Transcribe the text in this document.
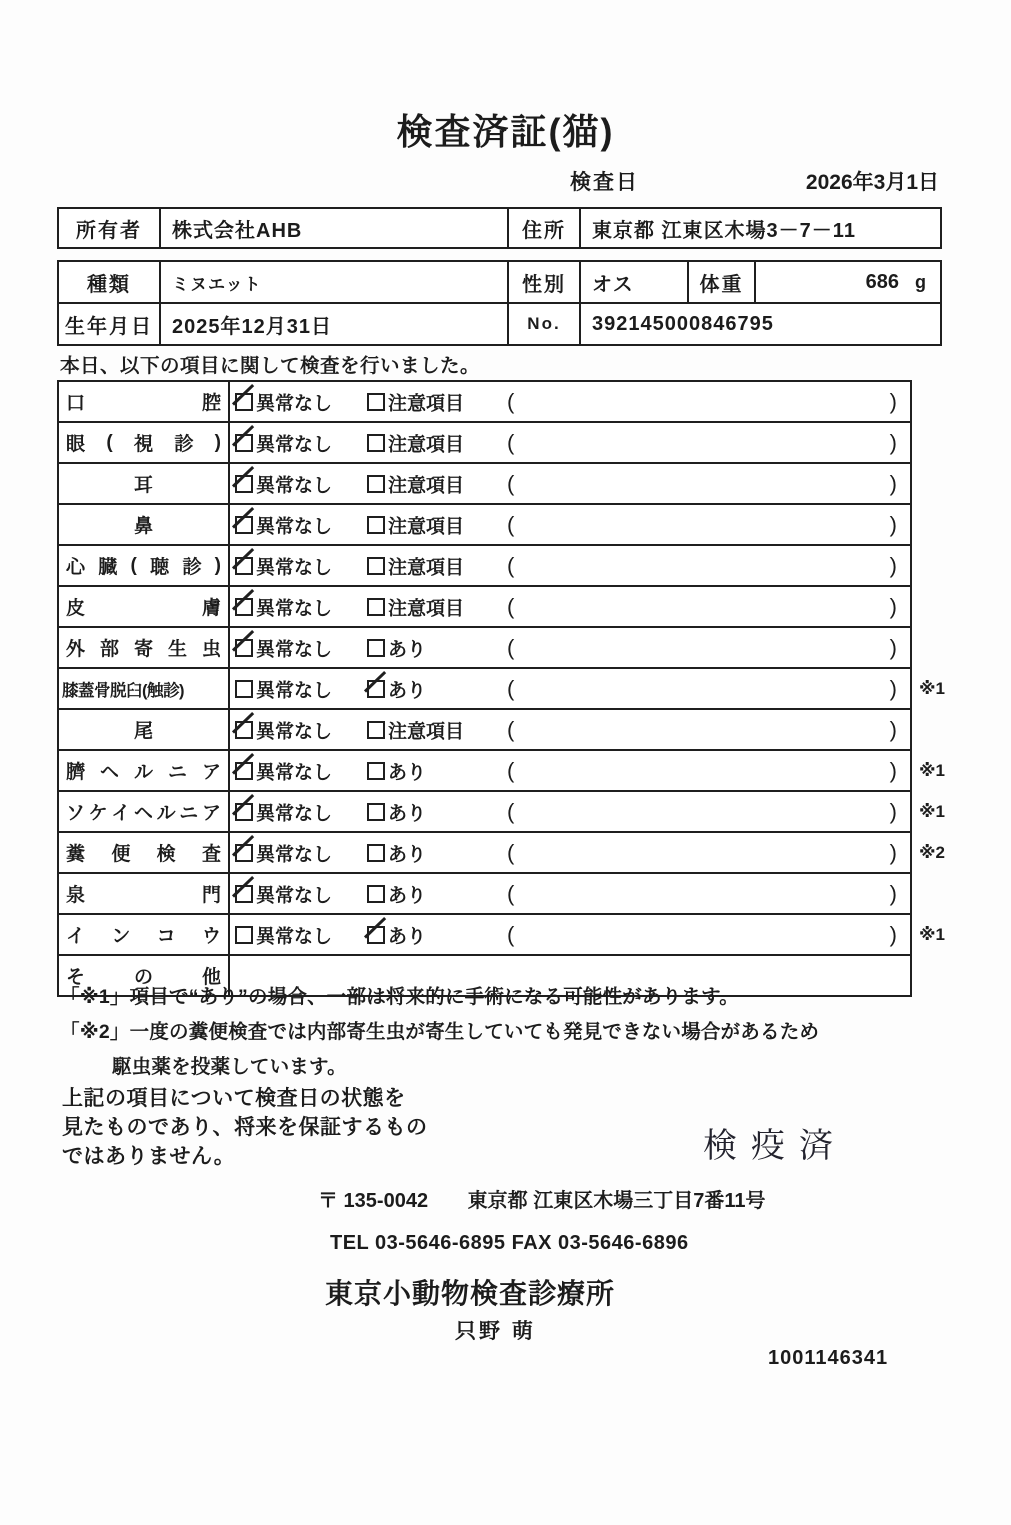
検査済証(猫)
検査日	2026年3月1日
所有者	株式会社AHB	住所	東京都 江東区木場3－7－11
種類	ミヌエット	性別	オス	体重	686 g
生年月日 2025年12月31日	No.	392145000846795
本日、以下の項目に関して検査を行いました。
口	腔 異常なし	注意項目 (	)
眼 ( 視 診 ) 異常なし	注意項目 (	)
耳	異常なし	注意項目 (	)
鼻	異常なし	注意項目 (	)
心 臓 ( 聴 診 ) 異常なし	注意項目 (	)
皮	膚 異常なし	注意項目 (	)
外 部 寄 生 虫 異常なし	あり	(	)
膝蓋骨脱臼(触診)	異常なし	あり	(	) ※1
尾	異常なし	注意項目 (	)
臍 ヘ ル ニ ア 異常なし	あり	(	) ※1
ソ ケ イ ヘ ル ニ ア 異常なし	あり	(	) ※1
糞 便 検 査 異常なし	あり	(	) ※2
泉	門 異常なし	あり	(	)
イ ン コ ウ 異常なし	あり	(	) ※1
そ	の	他
「※1」項目で“あり”の場合、一部は将来的に手術になる可能性があります。
「※2」一度の糞便検査では内部寄生虫が寄生していても発見できない場合があるため
駆虫薬を投薬しています。
上記の項目について検査日の状態を
見たものであり、将来を保証するもの
ではありません。	検疫済
〒 135-0042 東京都 江東区木場三丁目7番11号
TEL 03-5646-6895 FAX 03-5646-6896
東京小動物検査診療所
只野 萌
1001146341
